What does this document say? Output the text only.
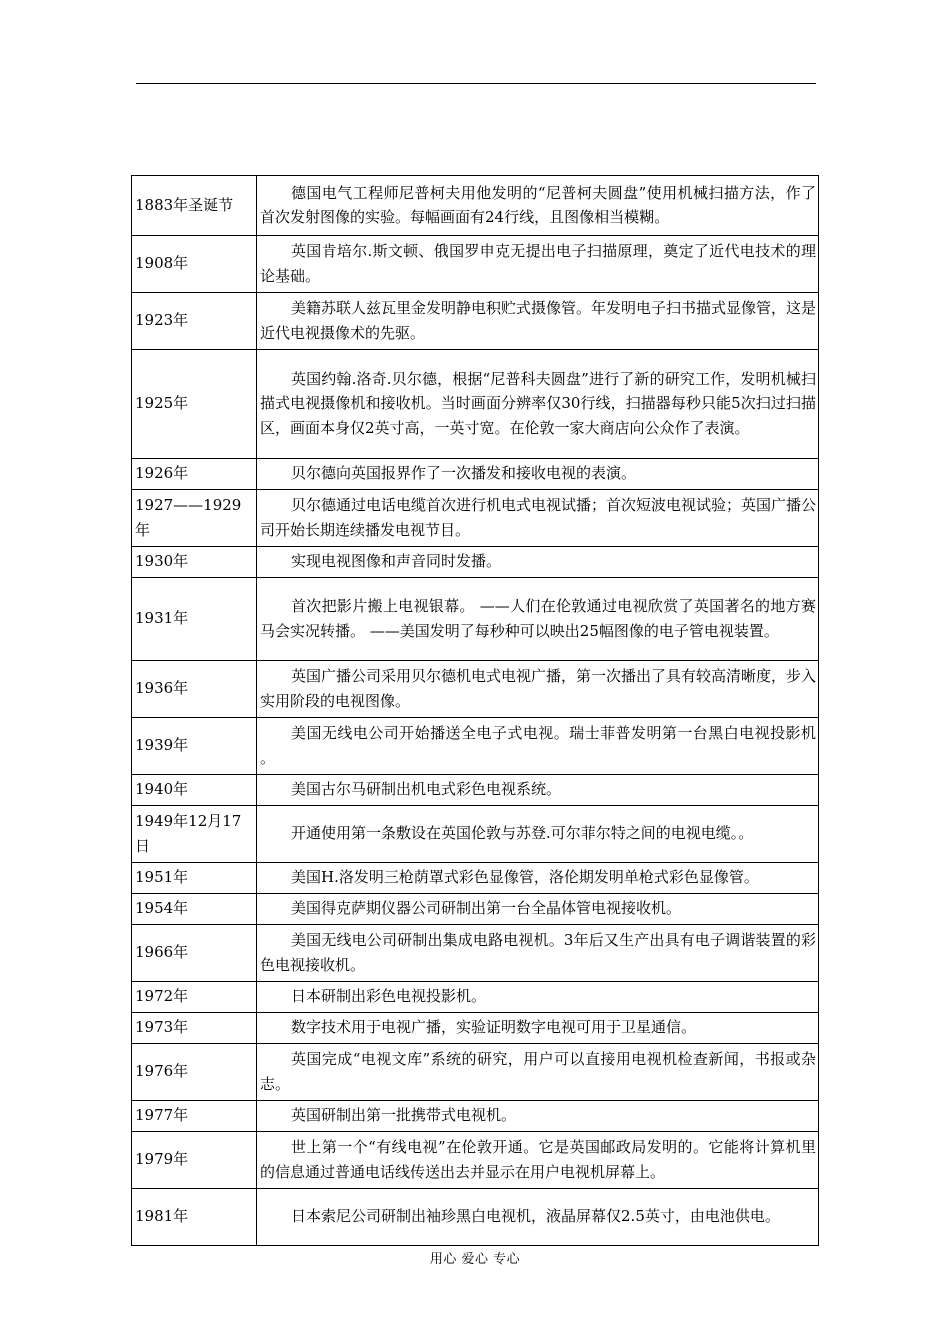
1883年圣诞节	德国电气工程师尼普柯夫用他发明的“尼普柯夫圆盘”使用机械扫描方法，作了首次发射图像的实验。每幅画面有24行线，且图像相当模糊。
1908年	英国肯培尔.斯文顿、俄国罗申克无提出电子扫描原理，奠定了近代电技术的理论基础。
1923年	美籍苏联人兹瓦里金发明静电积贮式摄像管。年发明电子扫书描式显像管，这是近代电视摄像术的先驱。
1925年	英国约翰.洛奇.贝尔德，根据“尼普科夫圆盘”进行了新的研究工作，发明机械扫描式电视摄像机和接收机。当时画面分辨率仅30行线，扫描器每秒只能5次扫过扫描区，画面本身仅2英寸高，一英寸宽。在伦敦一家大商店向公众作了表演。
1926年	贝尔德向英国报界作了一次播发和接收电视的表演。
1927——1929年	贝尔德通过电话电缆首次进行机电式电视试播；首次短波电视试验；英国广播公司开始长期连续播发电视节目。
1930年	实现电视图像和声音同时发播。
1931年	首次把影片搬上电视银幕。 ——人们在伦敦通过电视欣赏了英国著名的地方赛马会实况转播。 ——美国发明了每秒种可以映出25幅图像的电子管电视装置。
1936年	英国广播公司采用贝尔德机电式电视广播，第一次播出了具有较高清晰度，步入实用阶段的电视图像。
1939年	美国无线电公司开始播送全电子式电视。瑞士菲普发明第一台黑白电视投影机 。
1940年	美国古尔马研制出机电式彩色电视系统。
1949年12月17日	开通使用第一条敷设在英国伦敦与苏登.可尔菲尔特之间的电视电缆。。
1951年	美国H.洛发明三枪荫罩式彩色显像管，洛伦期发明单枪式彩色显像管。
1954年	美国得克萨期仪器公司研制出第一台全晶体管电视接收机。
1966年	美国无线电公司研制出集成电路电视机。3年后又生产出具有电子调谐装置的彩色电视接收机。
1972年	日本研制出彩色电视投影机。
1973年	数字技术用于电视广播，实验证明数字电视可用于卫星通信。
1976年	英国完成“电视文库”系统的研究，用户可以直接用电视机检查新闻，书报或杂志。
1977年	英国研制出第一批携带式电视机。
1979年	世上第一个“有线电视”在伦敦开通。它是英国邮政局发明的。它能将计算机里的信息通过普通电话线传送出去并显示在用户电视机屏幕上。
1981年	日本索尼公司研制出袖珍黑白电视机，液晶屏幕仅2.5英寸，由电池供电。
用心 爱心 专心
